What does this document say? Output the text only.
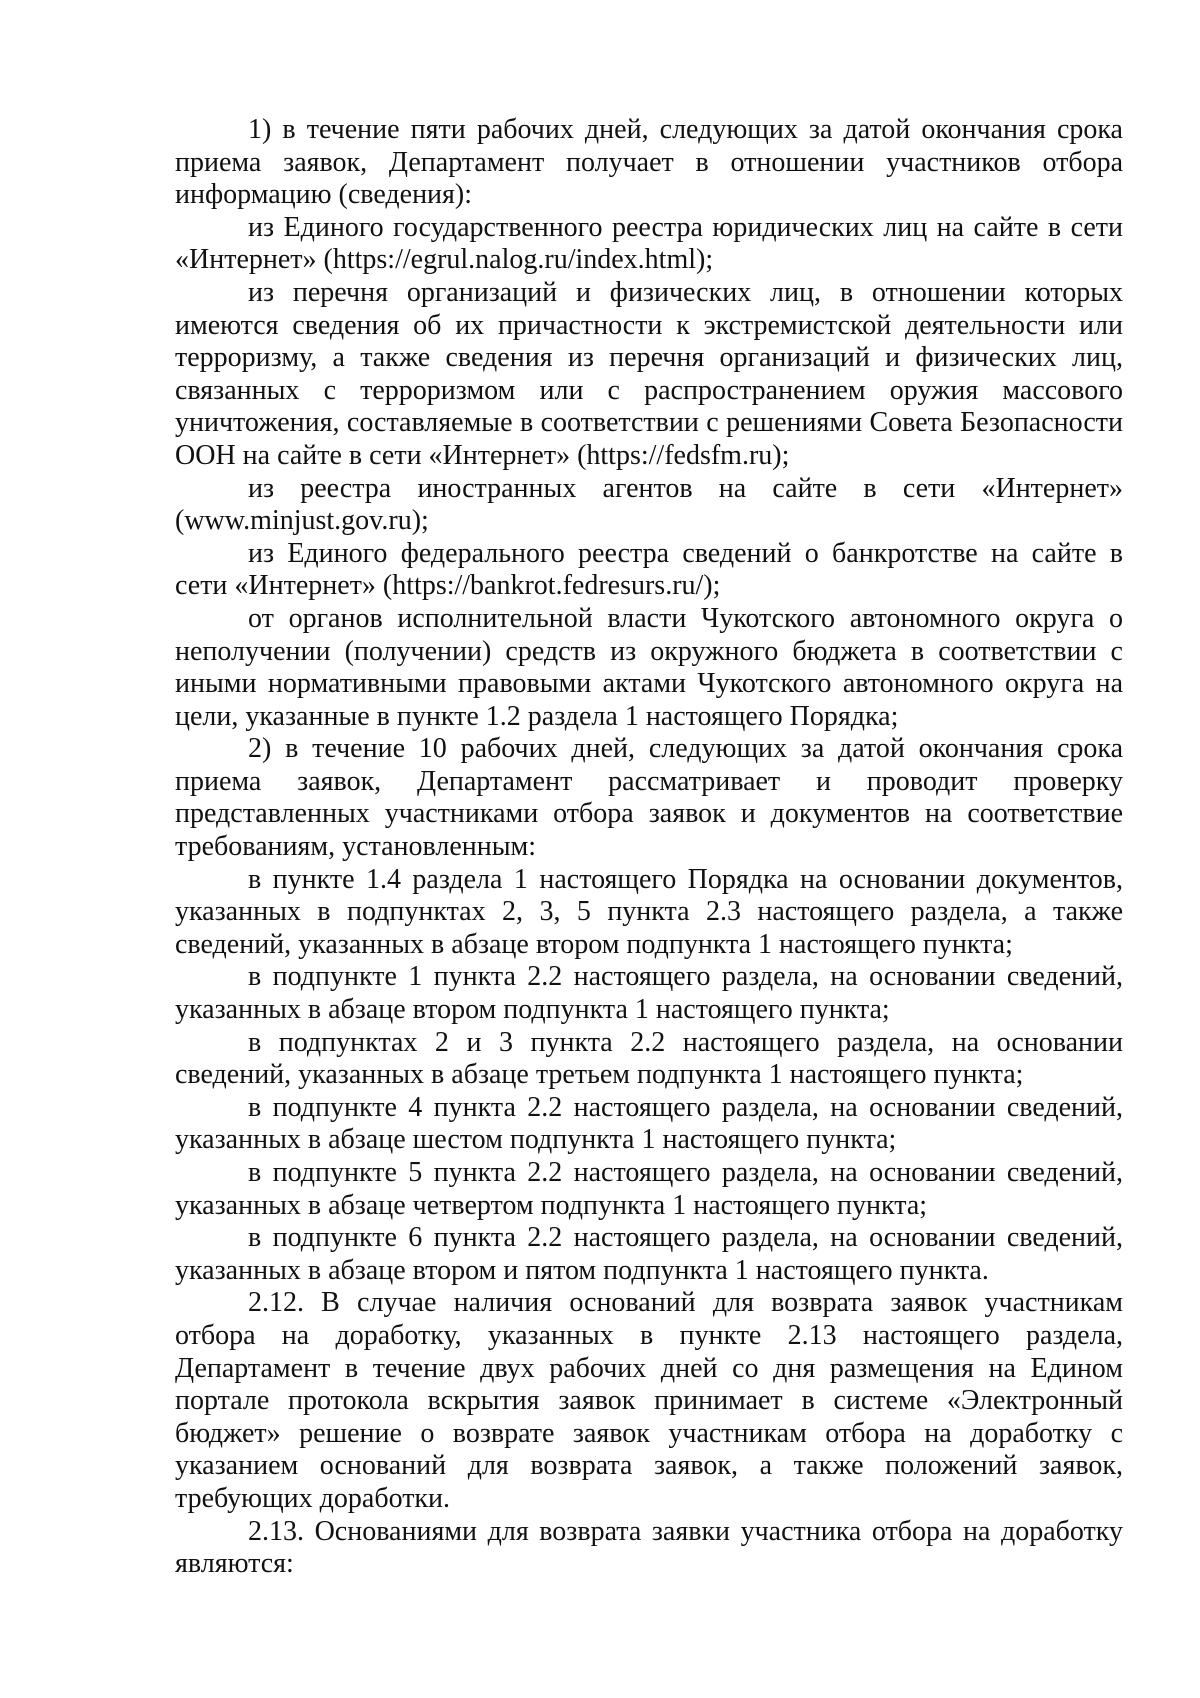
1) в течение пяти рабочих дней, следующих за датой окончания срока приема заявок, Департамент получает в отношении участников отбора информацию (сведения):

из Единого государственного реестра юридических лиц на сайте в сети «Интернет» (https://egrul.nalog.ru/index.html);

из перечня организаций и физических лиц, в отношении которых имеются сведения об их причастности к экстремистской деятельности или терроризму, а также сведения из перечня организаций и физических лиц, связанных с терроризмом или с распространением оружия массового уничтожения, составляемые в соответствии с решениями Совета Безопасности ООН на сайте в сети «Интернет» (https://fedsfm.ru);

из реестра иностранных агентов на сайте в сети «Интернет» (www.minjust.gov.ru);

из Единого федерального реестра сведений о банкротстве на сайте в сети «Интернет» (https://bankrot.fedresurs.ru/);

от органов исполнительной власти Чукотского автономного округа о неполучении (получении) средств из окружного бюджета в соответствии с иными нормативными правовыми актами Чукотского автономного округа на цели, указанные в пункте 1.2 раздела 1 настоящего Порядка;

2) в течение 10 рабочих дней, следующих за датой окончания срока приема заявок, Департамент рассматривает и проводит проверку представленных участниками отбора заявок и документов на соответствие требованиям, установленным:

в пункте 1.4 раздела 1 настоящего Порядка на основании документов, указанных в подпунктах 2, 3, 5 пункта 2.3 настоящего раздела, а также сведений, указанных в абзаце втором подпункта 1 настоящего пункта;

в подпункте 1 пункта 2.2 настоящего раздела, на основании сведений, указанных в абзаце втором подпункта 1 настоящего пункта;

в подпунктах 2 и 3 пункта 2.2 настоящего раздела, на основании сведений, указанных в абзаце третьем подпункта 1 настоящего пункта;

в подпункте 4 пункта 2.2 настоящего раздела, на основании сведений, указанных в абзаце шестом подпункта 1 настоящего пункта;

в подпункте 5 пункта 2.2 настоящего раздела, на основании сведений, указанных в абзаце четвертом подпункта 1 настоящего пункта;

в подпункте 6 пункта 2.2 настоящего раздела, на основании сведений, указанных в абзаце втором и пятом подпункта 1 настоящего пункта.

2.12. В случае наличия оснований для возврата заявок участникам отбора на доработку, указанных в пункте 2.13 настоящего раздела, Департамент в течение двух рабочих дней со дня размещения на Едином портале протокола вскрытия заявок принимает в системе «Электронный бюджет» решение о возврате заявок участникам отбора на доработку с указанием оснований для возврата заявок, а также положений заявок, требующих доработки.

2.13. Основаниями для возврата заявки участника отбора на доработку являются:
